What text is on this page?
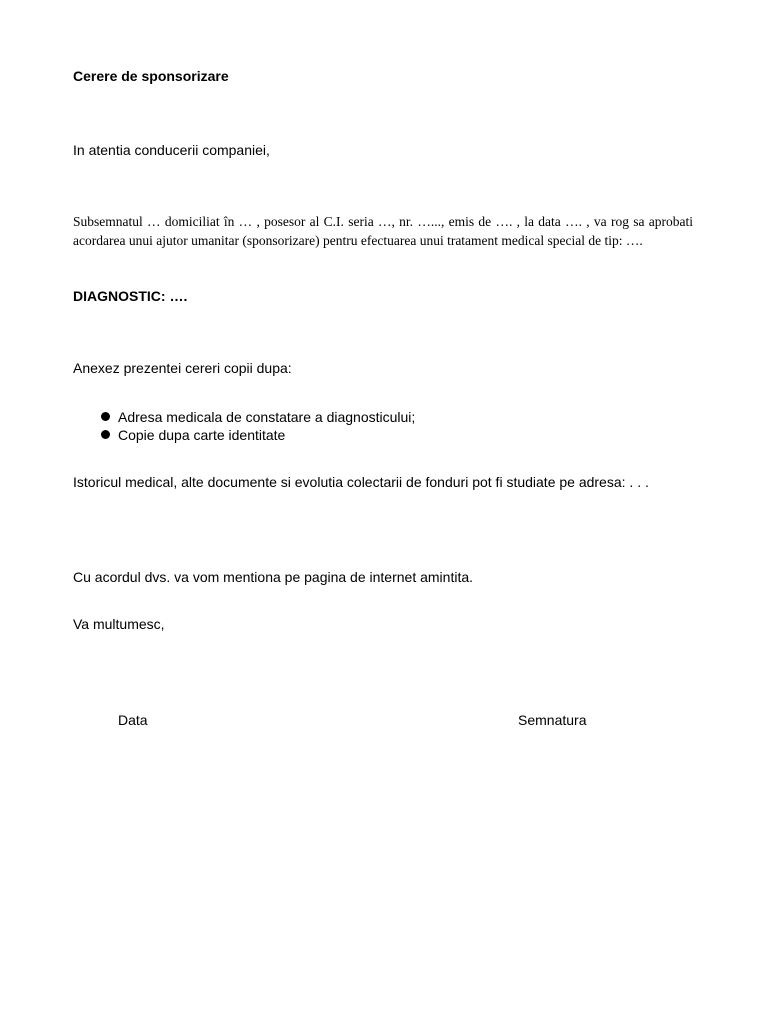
Cerere de sponsorizare
In atentia conducerii companiei,
Subsemnatul … domiciliat în … , posesor al C.I. seria …, nr. …..., emis de …. , la data …. , va rog sa aprobati acordarea unui ajutor umanitar (sponsorizare) pentru efectuarea unui tratament medical special de tip: ….
DIAGNOSTIC: ….
Anexez prezentei cereri copii dupa:
Adresa medicala de constatare a diagnosticului;
Copie dupa carte identitate
Istoricul medical, alte documente si evolutia colectarii de fonduri pot fi studiate pe adresa: . . .
Cu acordul dvs. va vom mentiona pe pagina de internet amintita.
Va multumesc,
Data	Semnatura
